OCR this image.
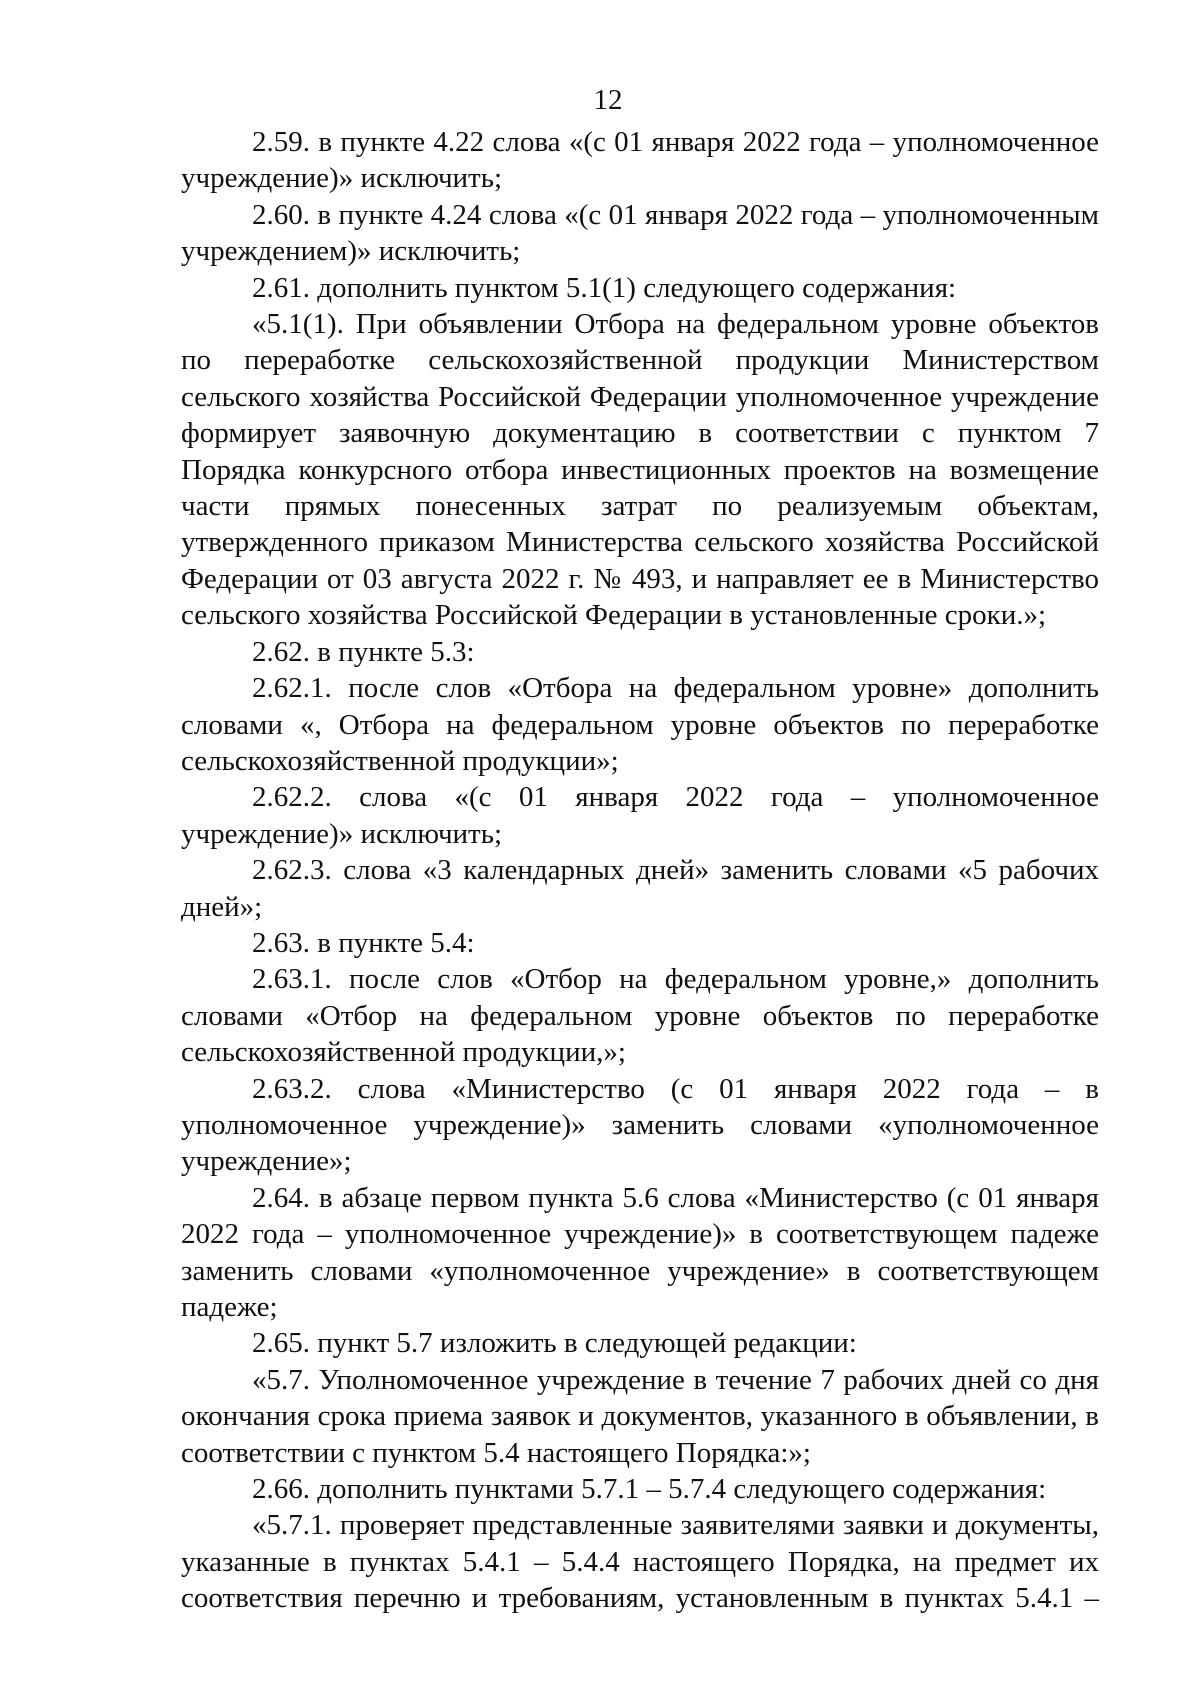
12

2.59. в пункте 4.22 слова «(с 01 января 2022 года – уполномоченное учреждение)» исключить;

2.60. в пункте 4.24 слова «(с 01 января 2022 года – уполномоченным учреждением)» исключить;

2.61. дополнить пунктом 5.1(1) следующего содержания:

«5.1(1). При объявлении Отбора на федеральном уровне объектов по переработке сельскохозяйственной продукции Министерством сельского хозяйства Российской Федерации уполномоченное учреждение формирует заявочную документацию в соответствии с пунктом 7 Порядка конкурсного отбора инвестиционных проектов на возмещение части прямых понесенных затрат по реализуемым объектам, утвержденного приказом Министерства сельского хозяйства Российской Федерации от 03 августа 2022 г. № 493, и направляет ее в Министерство сельского хозяйства Российской Федерации в установленные сроки.»;

2.62. в пункте 5.3:

2.62.1. после слов «Отбора на федеральном уровне» дополнить словами «, Отбора на федеральном уровне объектов по переработке сельскохозяйственной продукции»;

2.62.2. слова «(с 01 января 2022 года – уполномоченное учреждение)» исключить;

2.62.3. слова «3 календарных дней» заменить словами «5 рабочих дней»;

2.63. в пункте 5.4:

2.63.1. после слов «Отбор на федеральном уровне,» дополнить словами «Отбор на федеральном уровне объектов по переработке сельскохозяйственной продукции,»;

2.63.2. слова «Министерство (с 01 января 2022 года – в уполномоченное учреждение)» заменить словами «уполномоченное учреждение»;

2.64. в абзаце первом пункта 5.6 слова «Министерство (с 01 января 2022 года – уполномоченное учреждение)» в соответствующем падеже заменить словами «уполномоченное учреждение» в соответствующем падеже;

2.65. пункт 5.7 изложить в следующей редакции:

«5.7. Уполномоченное учреждение в течение 7 рабочих дней со дня окончания срока приема заявок и документов, указанного в объявлении, в соответствии с пунктом 5.4 настоящего Порядка:»;

2.66. дополнить пунктами 5.7.1 – 5.7.4 следующего содержания:

«5.7.1. проверяет представленные заявителями заявки и документы, указанные в пунктах 5.4.1 – 5.4.4 настоящего Порядка, на предмет их соответствия перечню и требованиям, установленным в пунктах 5.4.1 –
